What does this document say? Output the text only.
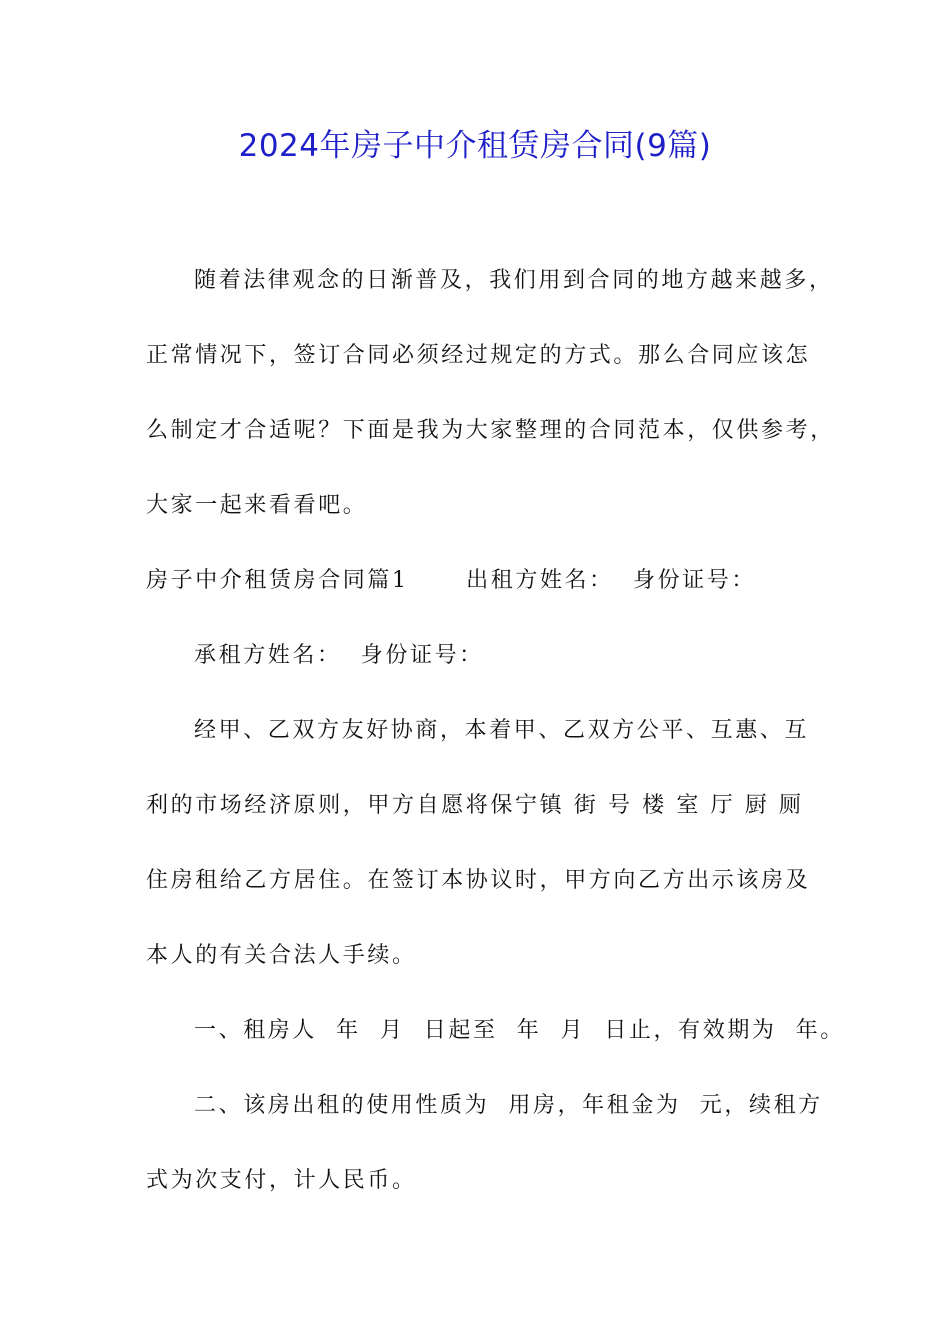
2024年房子中介租赁房合同(9篇)
随着法律观念的日渐普及，我们用到合同的地方越来越多，
正常情况下，签订合同必须经过规定的方式。那么合同应该怎
么制定才合适呢？下面是我为大家整理的合同范本，仅供参考，
大家一起来看看吧。
房子中介租赁房合同篇1      出租方姓名：  身份证号：
承租方姓名：  身份证号：
经甲、乙双方友好协商，本着甲、乙双方公平、互惠、互
利的市场经济原则，甲方自愿将保宁镇 街 号 楼 室 厅 厨 厕
住房租给乙方居住。在签订本协议时，甲方向乙方出示该房及
本人的有关合法人手续。
一、租房人  年  月  日起至  年  月  日止，有效期为  年。
二、该房出租的使用性质为  用房，年租金为  元，续租方
式为次支付，计人民币。
